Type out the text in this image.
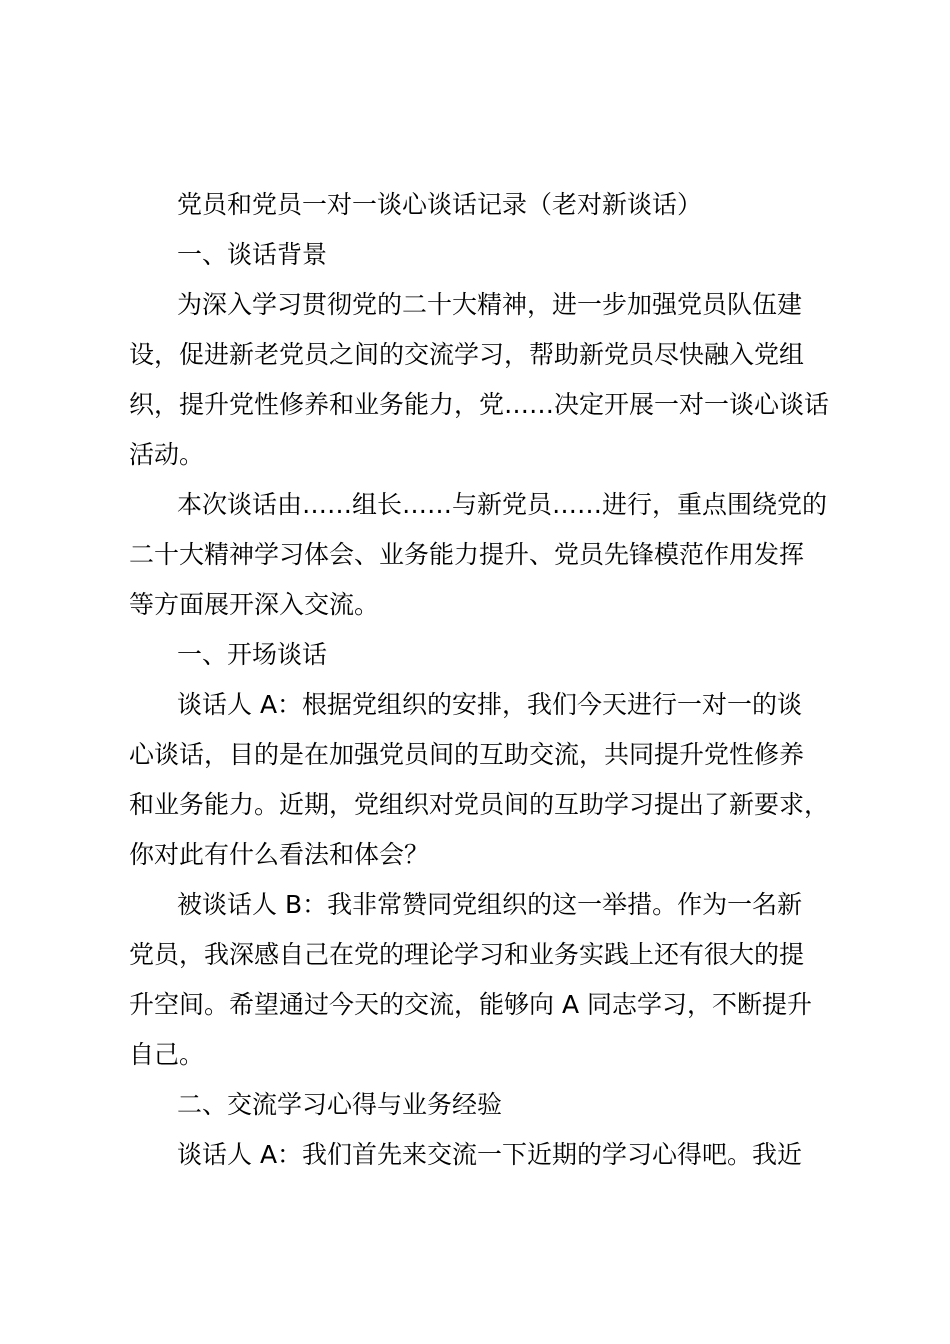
党员和党员一对一谈心谈话记录（老对新谈话）
一、谈话背景
为深入学习贯彻党的二十大精神，进一步加强党员队伍建
设，促进新老党员之间的交流学习，帮助新党员尽快融入党组
织，提升党性修养和业务能力，党……决定开展一对一谈心谈话
活动。
本次谈话由……组长……与新党员……进行，重点围绕党的
二十大精神学习体会、业务能力提升、党员先锋模范作用发挥
等方面展开深入交流。
一、开场谈话
谈话人 A：根据党组织的安排，我们今天进行一对一的谈
心谈话，目的是在加强党员间的互助交流，共同提升党性修养
和业务能力。近期，党组织对党员间的互助学习提出了新要求，
你对此有什么看法和体会？
被谈话人 B：我非常赞同党组织的这一举措。作为一名新
党员，我深感自己在党的理论学习和业务实践上还有很大的提
升空间。希望通过今天的交流，能够向 A 同志学习，不断提升
自己。
二、交流学习心得与业务经验
谈话人 A：我们首先来交流一下近期的学习心得吧。我近
